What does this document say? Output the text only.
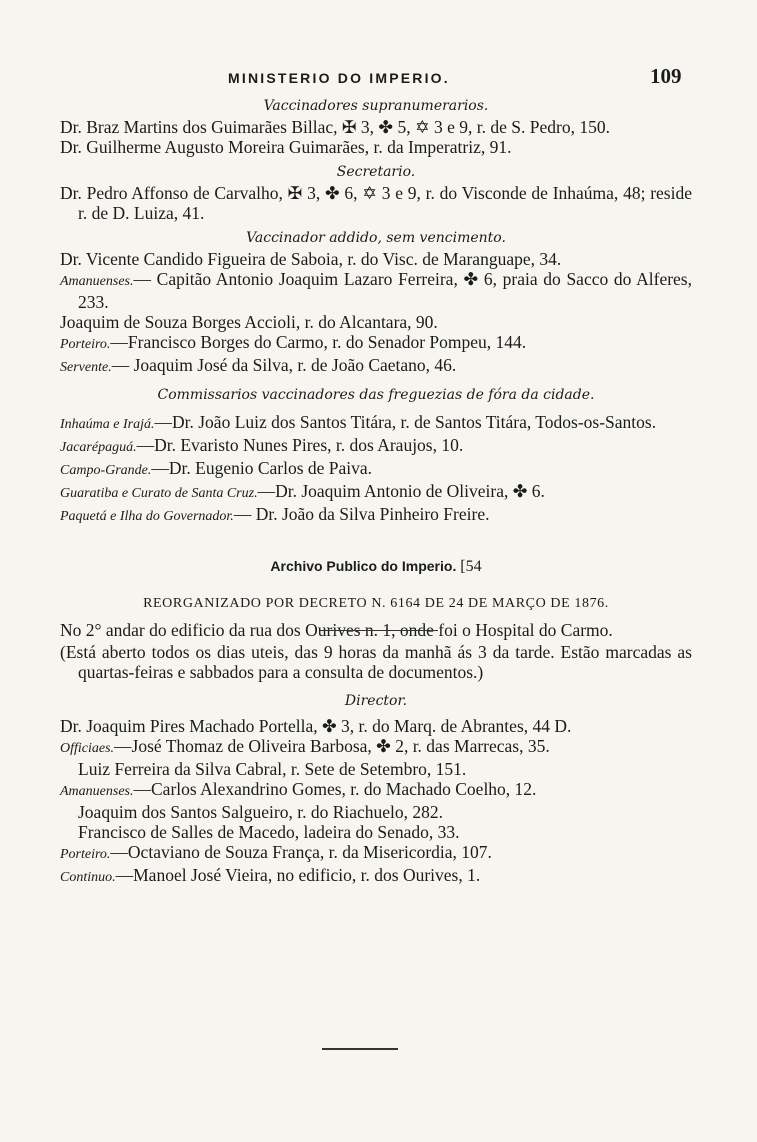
MINISTERIO DO IMPERIO.	109

Vaccinadores supranumerarios.

Dr. Braz Martins dos Guimarães Billac, ✠ 3, ✤ 5, ✡ 3 e 9, r. de S. Pedro, 150.

Dr. Guilherme Augusto Moreira Guimarães, r. da Imperatriz, 91.

Secretario.

Dr. Pedro Affonso de Carvalho, ✠ 3, ✤ 6, ✡ 3 e 9, r. do Visconde de Inhaúma, 48; reside r. de D. Luiza, 41.

Vaccinador addido, sem vencimento.

Dr. Vicente Candido Figueira de Saboia, r. do Visc. de Maranguape, 34.

Amanuenses.— Capitão Antonio Joaquim Lazaro Ferreira, ✤ 6, praia do Sacco do Alferes, 233.

Joaquim de Souza Borges Accioli, r. do Alcantara, 90.

Porteiro.—Francisco Borges do Carmo, r. do Senador Pompeu, 144.

Servente.— Joaquim José da Silva, r. de João Caetano, 46.

Commissarios vaccinadores das freguezias de fóra da cidade.

Inhaúma e Irajá.—Dr. João Luiz dos Santos Titára, r. de Santos Titára, Todos-os-Santos.

Jacarépaguá.—Dr. Evaristo Nunes Pires, r. dos Araujos, 10.

Campo-Grande.—Dr. Eugenio Carlos de Paiva.

Guaratiba e Curato de Santa Cruz.—Dr. Joaquim Antonio de Oliveira, ✤ 6.

Paquetá e Ilha do Governador.— Dr. João da Silva Pinheiro Freire.

Archivo Publico do Imperio. [54

REORGANIZADO POR DECRETO N. 6164 DE 24 DE MARÇO DE 1876.

No 2° andar do edificio da rua dos Ourives n. 1, onde foi o Hospital do Carmo.

(Está aberto todos os dias uteis, das 9 horas da manhã ás 3 da tarde. Estão marcadas as quartas-feiras e sabbados para a consulta de documentos.)

Director.

Dr. Joaquim Pires Machado Portella, ✤ 3, r. do Marq. de Abrantes, 44 D.

Officiaes.—José Thomaz de Oliveira Barbosa, ✤ 2, r. das Marrecas, 35.

Luiz Ferreira da Silva Cabral, r. Sete de Setembro, 151.

Amanuenses.—Carlos Alexandrino Gomes, r. do Machado Coelho, 12.

Joaquim dos Santos Salgueiro, r. do Riachuelo, 282.

Francisco de Salles de Macedo, ladeira do Senado, 33.

Porteiro.—Octaviano de Souza França, r. da Misericordia, 107.

Continuo.—Manoel José Vieira, no edificio, r. dos Ourives, 1.
